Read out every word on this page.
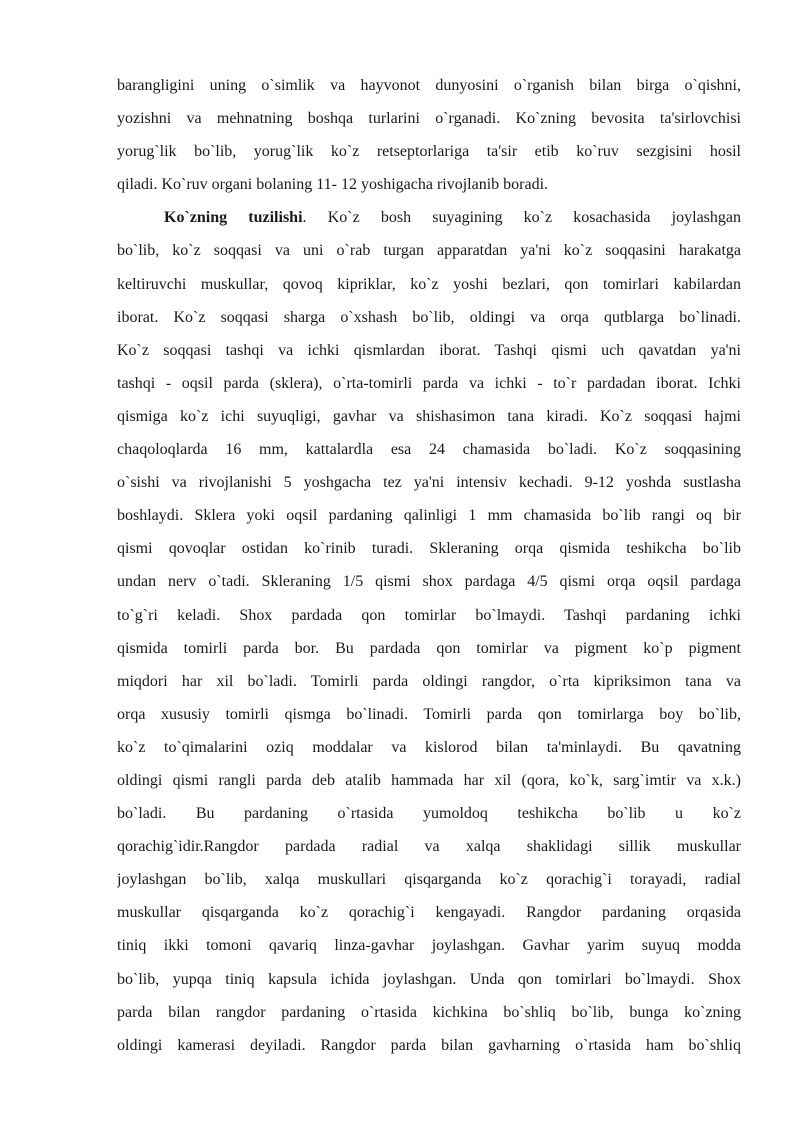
barangligini uning o`simlik va hayvonot dunyosini o`rganish bilan birga o`qishni,
yozishni va mehnatning boshqa turlarini o`rganadi. Ko`zning bevosita ta'sirlovchisi
yorug`lik bo`lib, yorug`lik ko`z retseptorlariga ta'sir etib ko`ruv sezgisini hosil
qiladi. Ko`ruv organi bolaning 11- 12 yoshigacha rivojlanib boradi.
Ko`zning tuzilishi. Ko`z bosh suyagining ko`z kosachasida joylashgan
bo`lib, ko`z soqqasi va uni o`rab turgan apparatdan ya'ni ko`z soqqasini harakatga
keltiruvchi muskullar, qovoq kipriklar, ko`z yoshi bezlari, qon tomirlari kabilardan
iborat. Ko`z soqqasi sharga o`xshash bo`lib, oldingi va orqa qutblarga bo`linadi.
Ko`z soqqasi tashqi va ichki qismlardan iborat. Tashqi qismi uch qavatdan ya'ni
tashqi - oqsil parda (sklera), o`rta-tomirli parda va ichki - to`r pardadan iborat. Ichki
qismiga ko`z ichi suyuqligi, gavhar va shishasimon tana kiradi. Ko`z soqqasi hajmi
chaqoloqlarda 16 mm, kattalardla esa 24 chamasida bo`ladi. Ko`z soqqasining
o`sishi va rivojlanishi 5 yoshgacha tez ya'ni intensiv kechadi. 9-12 yoshda sustlasha
boshlaydi. Sklera yoki oqsil pardaning qalinligi 1 mm chamasida bo`lib rangi oq bir
qismi qovoqlar ostidan ko`rinib turadi. Skleraning orqa qismida teshikcha bo`lib
undan nerv o`tadi. Skleraning 1/5 qismi shox pardaga 4/5 qismi orqa oqsil pardaga
to`g`ri keladi. Shox pardada qon tomirlar bo`lmaydi. Tashqi pardaning ichki
qismida tomirli parda bor. Bu pardada qon tomirlar va pigment ko`p pigment
miqdori har xil bo`ladi. Tomirli parda oldingi rangdor, o`rta kipriksimon tana va
orqa xususiy tomirli qismga bo`linadi. Tomirli parda qon tomirlarga boy bo`lib,
ko`z to`qimalarini oziq moddalar va kislorod bilan ta'minlaydi. Bu qavatning
oldingi qismi rangli parda deb atalib hammada har xil (qora, ko`k, sarg`imtir va x.k.)
bo`ladi. Bu pardaning o`rtasida yumoldoq teshikcha bo`lib u ko`z
qorachig`idir.Rangdor pardada radial va xalqa shaklidagi sillik muskullar
joylashgan bo`lib, xalqa muskullari qisqarganda ko`z qorachig`i torayadi, radial
muskullar qisqarganda ko`z qorachig`i kengayadi. Rangdor pardaning orqasida
tiniq ikki tomoni qavariq linza-gavhar joylashgan. Gavhar yarim suyuq modda
bo`lib, yupqa tiniq kapsula ichida joylashgan. Unda qon tomirlari bo`lmaydi. Shox
parda bilan rangdor pardaning o`rtasida kichkina bo`shliq bo`lib, bunga ko`zning
oldingi kamerasi deyiladi. Rangdor parda bilan gavharning o`rtasida ham bo`shliq
